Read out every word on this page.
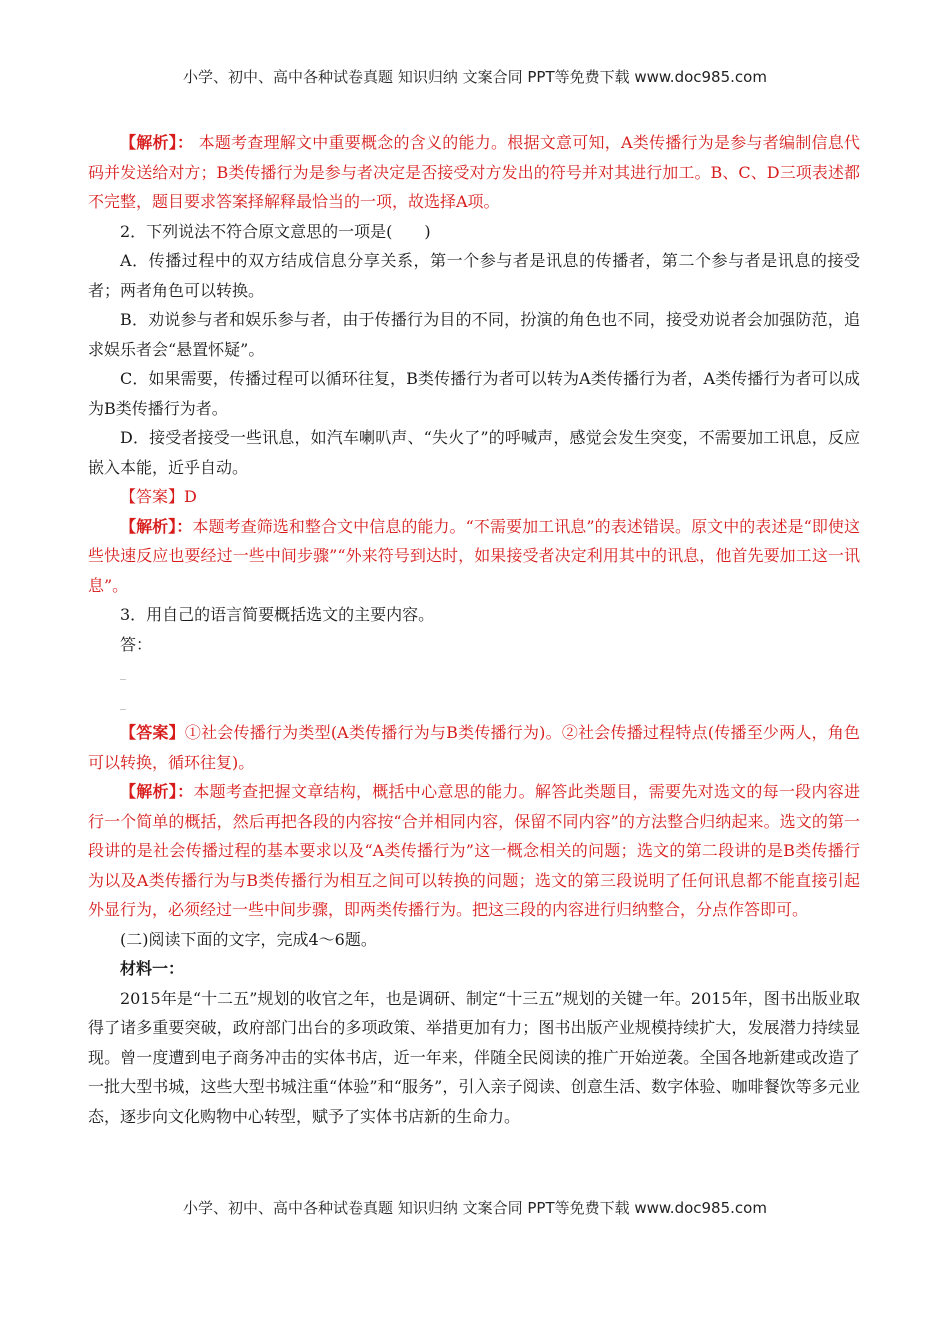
小学、初中、高中各种试卷真题 知识归纳 文案合同 PPT等免费下载 www.doc985.com

【解析】： 本题考查理解文中重要概念的含义的能力。根据文意可知，A类传播行为是参与者编制信息代码并发送给对方；B类传播行为是参与者决定是否接受对方发出的符号并对其进行加工。B、C、D三项表述都不完整，题目要求答案择解释最恰当的一项，故选择A项。

2．下列说法不符合原文意思的一项是(　　)

A．传播过程中的双方结成信息分享关系，第一个参与者是讯息的传播者，第二个参与者是讯息的接受者；两者角色可以转换。

B．劝说参与者和娱乐参与者，由于传播行为目的不同，扮演的角色也不同，接受劝说者会加强防范，追求娱乐者会“悬置怀疑”。

C．如果需要，传播过程可以循环往复，B类传播行为者可以转为A类传播行为者，A类传播行为者可以成为B类传播行为者。

D．接受者接受一些讯息，如汽车喇叭声、“失火了”的呼喊声，感觉会发生突变，不需要加工讯息，反应嵌入本能，近乎自动。

【答案】D

【解析】：本题考查筛选和整合文中信息的能力。“不需要加工讯息”的表述错误。原文中的表述是“即使这些快速反应也要经过一些中间步骤”“外来符号到达时，如果接受者决定利用其中的讯息，他首先要加工这一讯息”。

3．用自己的语言简要概括选文的主要内容。

答：

_
_

【答案】①社会传播行为类型(A类传播行为与B类传播行为)。②社会传播过程特点(传播至少两人，角色可以转换，循环往复)。

【解析】：本题考查把握文章结构，概括中心意思的能力。解答此类题目，需要先对选文的每一段内容进行一个简单的概括，然后再把各段的内容按“合并相同内容，保留不同内容”的方法整合归纳起来。选文的第一段讲的是社会传播过程的基本要求以及“A类传播行为”这一概念相关的问题；选文的第二段讲的是B类传播行为以及A类传播行为与B类传播行为相互之间可以转换的问题；选文的第三段说明了任何讯息都不能直接引起外显行为，必须经过一些中间步骤，即两类传播行为。把这三段的内容进行归纳整合，分点作答即可。

(二)阅读下面的文字，完成4～6题。

材料一：

2015年是“十二五”规划的收官之年，也是调研、制定“十三五”规划的关键一年。2015年，图书出版业取得了诸多重要突破，政府部门出台的多项政策、举措更加有力；图书出版产业规模持续扩大，发展潜力持续显现。曾一度遭到电子商务冲击的实体书店，近一年来，伴随全民阅读的推广开始逆袭。全国各地新建或改造了一批大型书城，这些大型书城注重“体验”和“服务”，引入亲子阅读、创意生活、数字体验、咖啡餐饮等多元业态，逐步向文化购物中心转型，赋予了实体书店新的生命力。

小学、初中、高中各种试卷真题 知识归纳 文案合同 PPT等免费下载 www.doc985.com
